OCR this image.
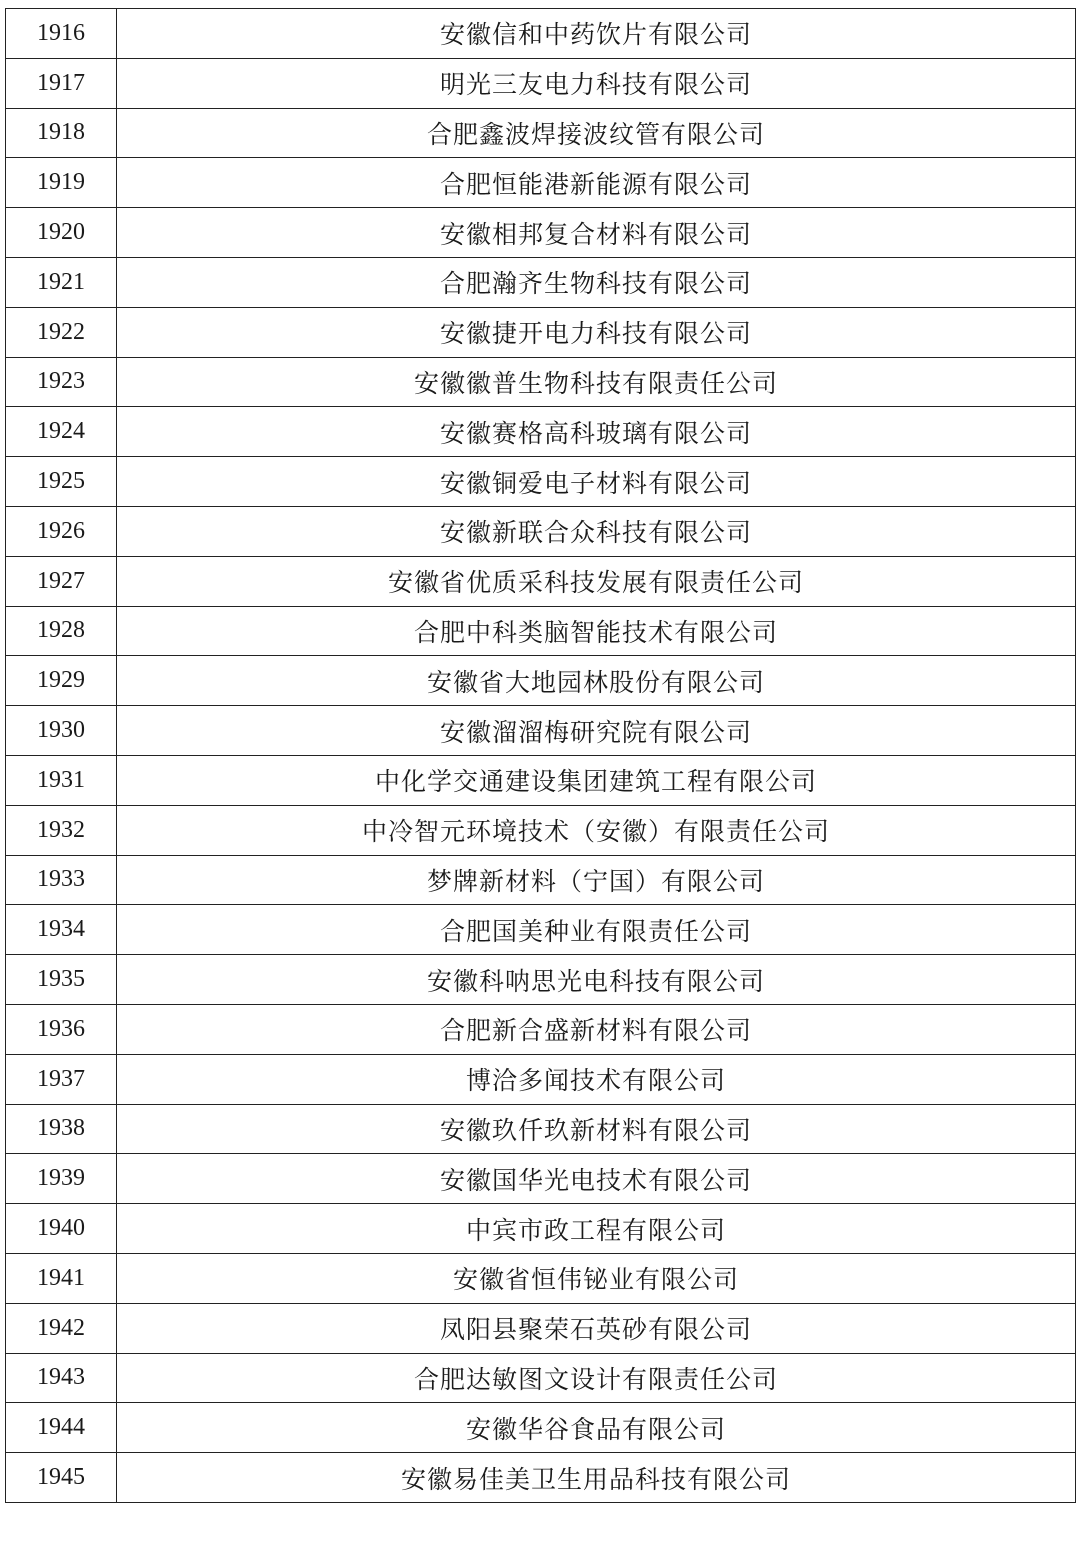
1916	安徽信和中药饮片有限公司
1917	明光三友电力科技有限公司
1918	合肥鑫波焊接波纹管有限公司
1919	合肥恒能港新能源有限公司
1920	安徽相邦复合材料有限公司
1921	合肥瀚齐生物科技有限公司
1922	安徽捷开电力科技有限公司
1923	安徽徽普生物科技有限责任公司
1924	安徽赛格高科玻璃有限公司
1925	安徽铜爱电子材料有限公司
1926	安徽新联合众科技有限公司
1927	安徽省优质采科技发展有限责任公司
1928	合肥中科类脑智能技术有限公司
1929	安徽省大地园林股份有限公司
1930	安徽溜溜梅研究院有限公司
1931	中化学交通建设集团建筑工程有限公司
1932	中冷智元环境技术（安徽）有限责任公司
1933	梦牌新材料（宁国）有限公司
1934	合肥国美种业有限责任公司
1935	安徽科呐思光电科技有限公司
1936	合肥新合盛新材料有限公司
1937	博洽多闻技术有限公司
1938	安徽玖仟玖新材料有限公司
1939	安徽国华光电技术有限公司
1940	中宾市政工程有限公司
1941	安徽省恒伟铋业有限公司
1942	凤阳县聚荣石英砂有限公司
1943	合肥达敏图文设计有限责任公司
1944	安徽华谷食品有限公司
1945	安徽易佳美卫生用品科技有限公司
